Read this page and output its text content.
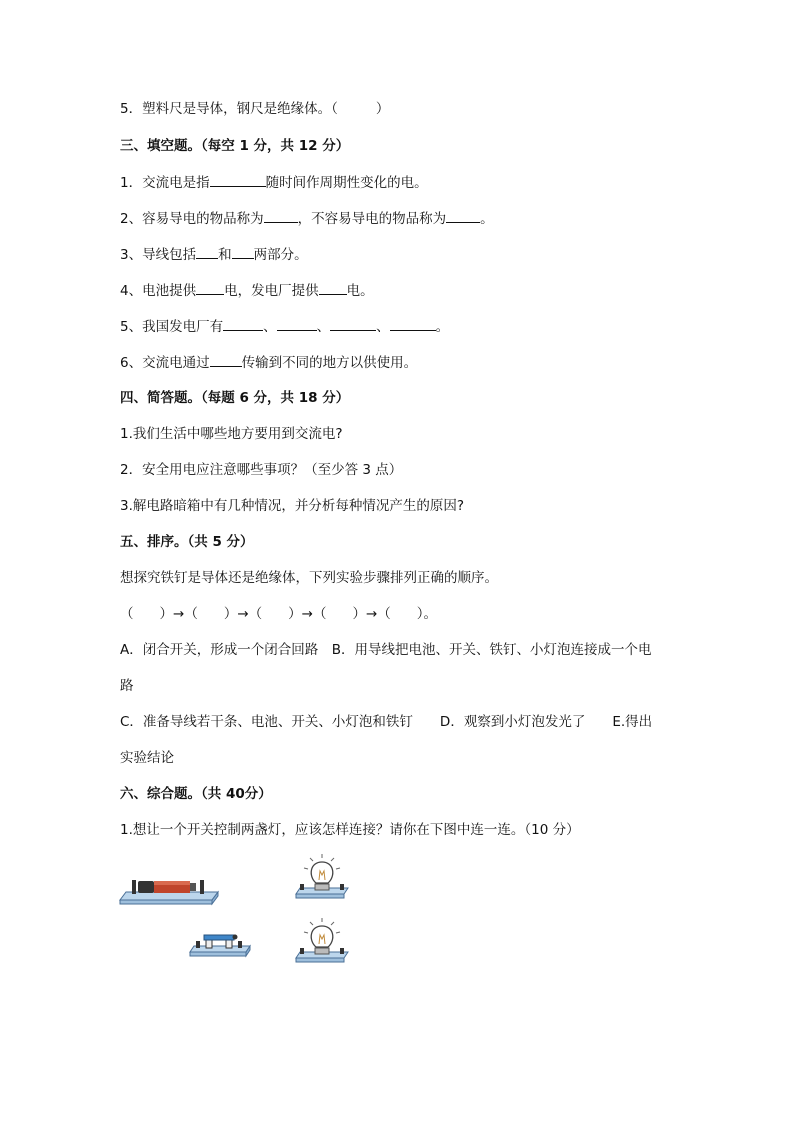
5．塑料尺是导体，钢尺是绝缘体。（	）
三、填空题。（每空 1 分，共 12 分）
1．交流电是指	随时间作周期性变化的电。
2、容易导电的物品称为	，不容易导电的物品称为	。
3、导线包括 和 两部分。
4、电池提供 电，发电厂提供 电。
5、我国发电厂有	、	、	、	。
6、交流电通过 传输到不同的地方以供使用。
四、简答题。（每题 6 分，共 18 分）
1.我们生活中哪些地方要用到交流电?
2．安全用电应注意哪些事项？（至少答 3 点）
3.解电路暗箱中有几种情况，并分析每种情况产生的原因?
五、排序。（共 5 分）
想探究铁钉是导体还是绝缘体，下列实验步骤排列正确的顺序。
（ ）→（ ）→（ ）→（ ）→（ ）。
A．闭合开关，形成一个闭合回路　B．用导线把电池、开关、铁钉、小灯泡连接成一个电
路
C．准备导线若干条、电池、开关、小灯泡和铁钉　　D．观察到小灯泡发光了　　E.得出
实验结论
六、综合题。（共 40分）
1.想让一个开关控制两盏灯，应该怎样连接？请你在下图中连一连。（10 分）
